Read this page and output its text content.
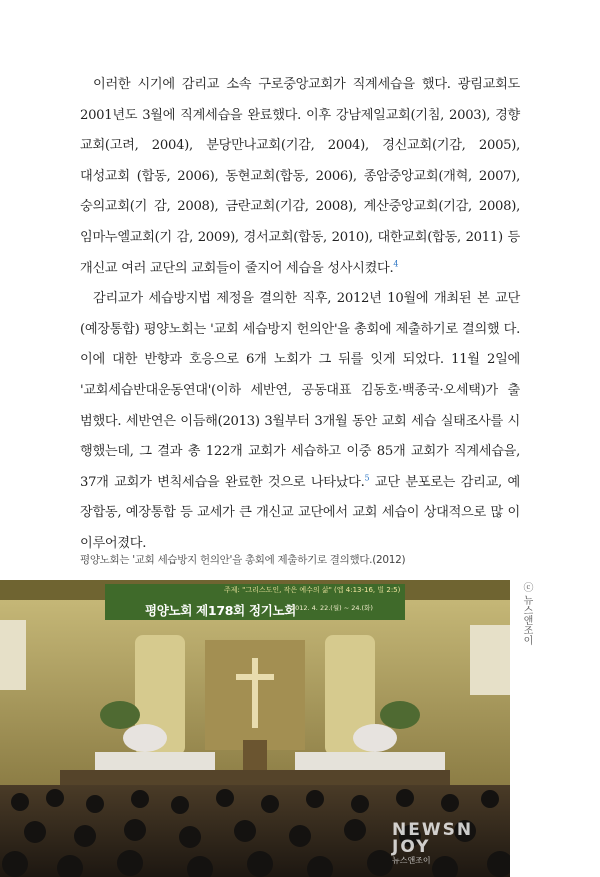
이러한 시기에 감리교 소속 구로중앙교회가 직계세습을 했다. 광림교회도 2001년도 3월에 직계세습을 완료했다. 이후 강남제일교회(기침, 2003), 경향 교회(고려, 2004), 분당만나교회(기감, 2004), 경신교회(기감, 2005), 대성교회 (합동, 2006), 동현교회(합동, 2006), 종암중앙교회(개혁, 2007), 숭의교회(기 감, 2008), 금란교회(기감, 2008), 계산중앙교회(기감, 2008), 임마누엘교회(기 감, 2009), 경서교회(합동, 2010), 대한교회(합동, 2011) 등 개신교 여러 교단의 교회들이 줄지어 세습을 성사시켰다.$^4$

감리교가 세습방지법 제정을 결의한 직후, 2012년 10월에 개최된 본 교단 (예장통합) 평양노회는 '교회 세습방지 헌의안'을 총회에 제출하기로 결의했 다. 이에 대한 반향과 호응으로 6개 노회가 그 뒤를 잇게 되었다. 11월 2일에 '교회세습반대운동연대'(이하 세반연, 공동대표 김동호·백종국·오세택)가 출 범했다. 세반연은 이듬해(2013) 3월부터 3개월 동안 교회 세습 실태조사를 시 행했는데, 그 결과 총 122개 교회가 세습하고 이중 85개 교회가 직계세습을, 37개 교회가 변칙세습을 완료한 것으로 나타났다.$^5$ 교단 분포로는 감리교, 예 장합동, 예장통합 등 교세가 큰 개신교 교단에서 교회 세습이 상대적으로 많 이 이루어졌다.

평양노회는 '교회 세습방지 헌의안'을 총회에 제출하기로 결의했다.(2012)
주제: "그리스도인, 작은 예수의 삶" (엡 4:13-16, 빌 2:5)
평양노회 제178회 정기노회
2012. 4. 22.(월) ~ 24.(화)
NEWSN
JOY
뉴스앤조이
ⓒ 뉴스앤조이
